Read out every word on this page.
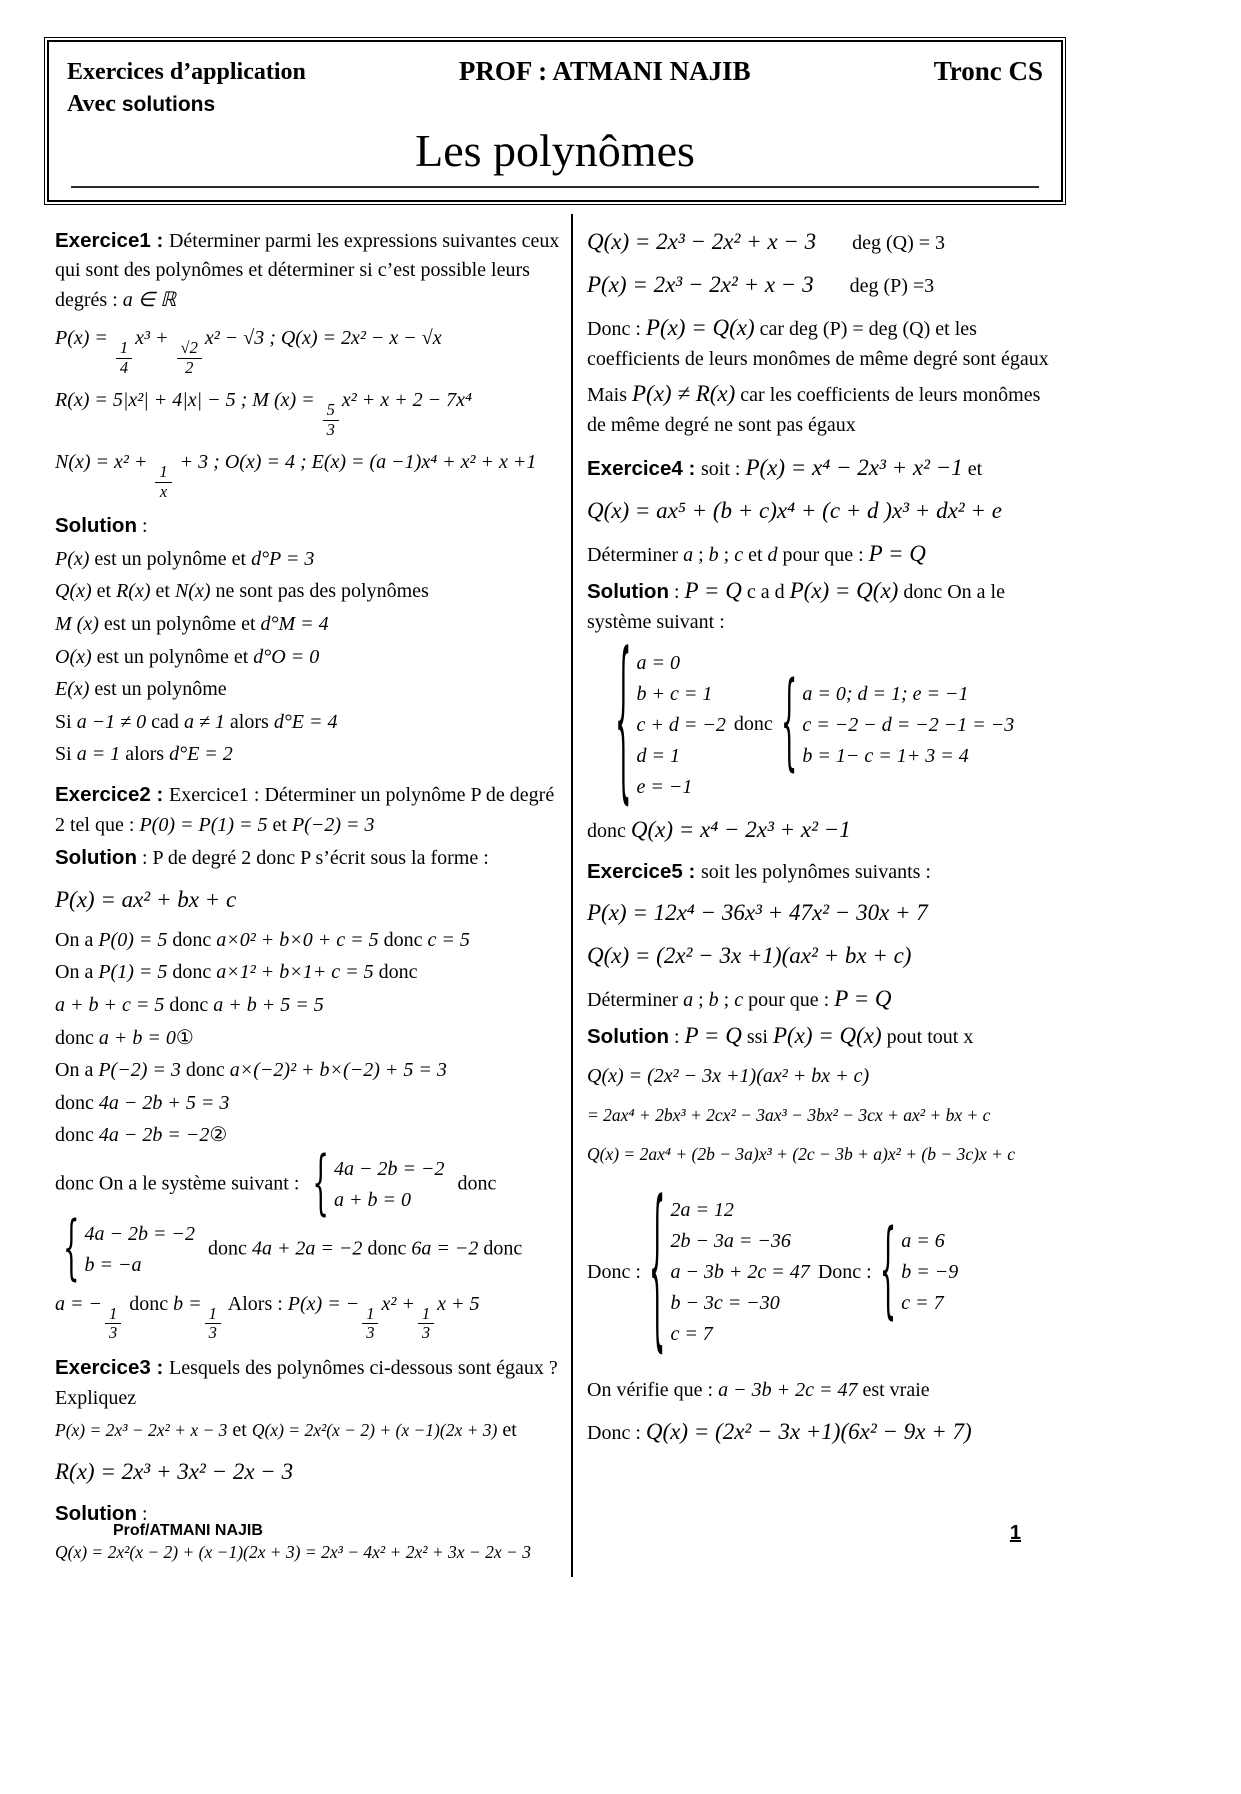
Exercices d’application
Avec solutions
PROF : ATMANI NAJIB	Tronc CS
Les polynômes
Exercice1 : Déterminer parmi les expressions suivantes ceux qui sont des polynômes et déterminer si c’est possible leurs degrés : a ∈ ℝ
P(x) =
$\frac{1}{4}$
x³ +
$\frac{√2}{2}$
x² − √3 ; Q(x) = 2x² − x − √x
R(x) = 5|x²| + 4|x| − 5 ; M (x) =
$\frac{5}{3}$
x² + x + 2 − 7x⁴
N(x) = x² +
$\frac{1}{x}$
+ 3 ; O(x) = 4 ; E(x) = (a −1)x⁴ + x² + x +1
Solution :
P(x) est un polynôme et d°P = 3
Q(x) et R(x) et N(x) ne sont pas des polynômes
M (x) est un polynôme et d°M = 4
O(x) est un polynôme et d°O = 0
E(x) est un polynôme
Si a −1 ≠ 0 cad a ≠ 1 alors d°E = 4
Si a = 1 alors d°E = 2
Exercice2 : Exercice1 : Déterminer un polynôme P de degré 2 tel que : P(0) = P(1) = 5 et P(−2) = 3
Solution : P de degré 2 donc P s’écrit sous la forme :
P(x) = ax² + bx + c
On a P(0) = 5 donc a×0² + b×0 + c = 5 donc c = 5
On a P(1) = 5 donc a×1² + b×1+ c = 5 donc
a + b + c = 5 donc a + b + 5 = 5
donc a + b = 0①
On a P(−2) = 3 donc a×(−2)² + b×(−2) + 5 = 3
donc 4a − 2b + 5 = 3
donc 4a − 2b = −2②
donc On a le système suivant : { 4a − 2b = −2
a + b = 0
donc
{ 4a − 2b = −2
b = −a
donc 4a + 2a = −2 donc 6a = −2 donc
a = −
$\frac{1}{3}$
donc b =
$\frac{1}{3}$
Alors : P(x) = −
$\frac{1}{3}$
x² +
$\frac{1}{3}$
x + 5
Exercice3 : Lesquels des polynômes ci-dessous sont égaux ? Expliquez
P(x) = 2x³ − 2x² + x − 3 et Q(x) = 2x²(x − 2) + (x −1)(2x + 3) et
R(x) = 2x³ + 3x² − 2x − 3
Solution :
Q(x) = 2x²(x − 2) + (x −1)(2x + 3) = 2x³ − 4x² + 2x² + 3x − 2x − 3
Q(x) = 2x³ − 2x² + x − 3 deg (Q) = 3
P(x) = 2x³ − 2x² + x − 3 deg (P) =3
Donc : P(x) = Q(x) car deg (P) = deg (Q) et les coefficients de leurs monômes de même degré sont égaux
Mais P(x) ≠ R(x) car les coefficients de leurs monômes de même degré ne sont pas égaux
Exercice4 : soit : P(x) = x⁴ − 2x³ + x² −1 et
Q(x) = ax⁵ + (b + c)x⁴ + (c + d )x³ + dx² + e
Déterminer a ; b ; c et d pour que : P = Q
Solution : P = Q c a d P(x) = Q(x) donc On a le système suivant :
{ a = 0
b + c = 1
c + d = −2
d = 1
e = −1
donc { a = 0; d = 1; e = −1
c = −2 − d = −2 −1 = −3
b = 1− c = 1+ 3 = 4
donc Q(x) = x⁴ − 2x³ + x² −1
Exercice5 : soit les polynômes suivants :
P(x) = 12x⁴ − 36x³ + 47x² − 30x + 7
Q(x) = (2x² − 3x +1)(ax² + bx + c)
Déterminer a ; b ; c pour que : P = Q
Solution : P = Q ssi P(x) = Q(x) pout tout x
Q(x) = (2x² − 3x +1)(ax² + bx + c)
= 2ax⁴ + 2bx³ + 2cx² − 3ax³ − 3bx² − 3cx + ax² + bx + c
Q(x) = 2ax⁴ + (2b − 3a)x³ + (2c − 3b + a)x² + (b − 3c)x + c
Donc : { 2a = 12
2b − 3a = −36
a − 3b + 2c = 47
b − 3c = −30
c = 7
Donc : { a = 6
b = −9
c = 7
On vérifie que : a − 3b + 2c = 47 est vraie
Donc : Q(x) = (2x² − 3x +1)(6x² − 9x + 7)
Prof/ATMANI NAJIB	1
